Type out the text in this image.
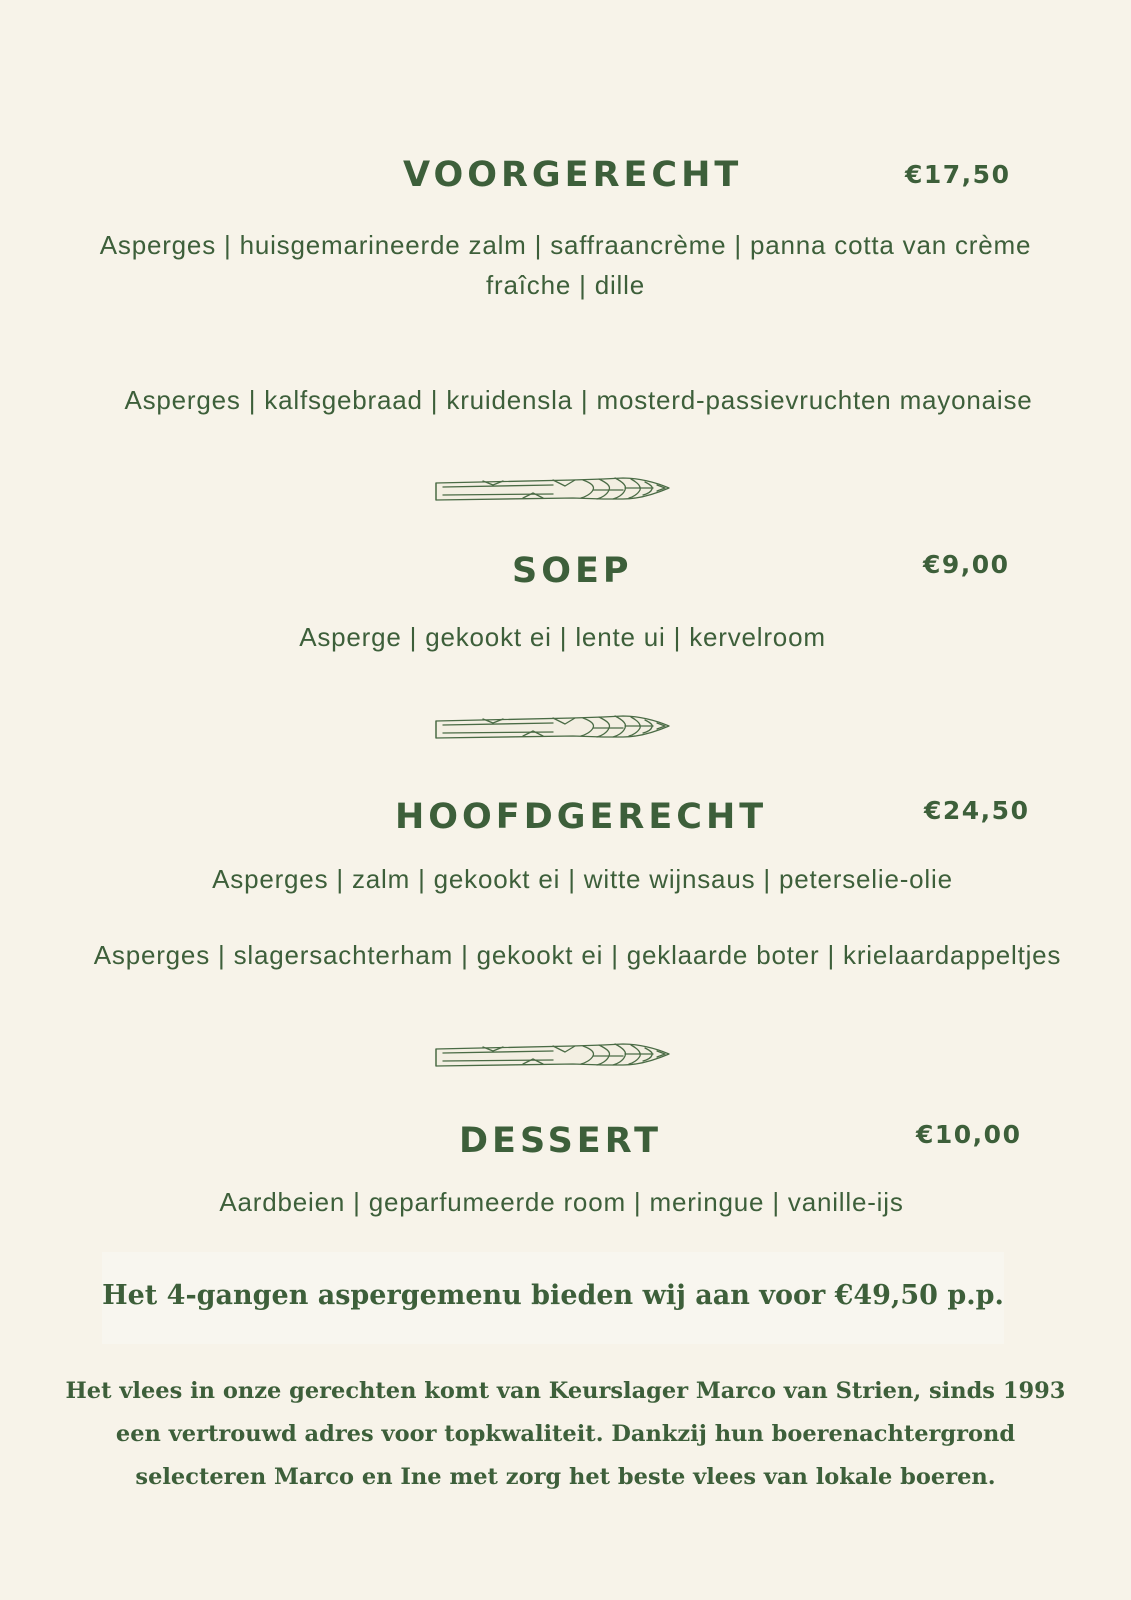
VOORGERECHT	€17,50
Asperges | huisgemarineerde zalm | saffraancrème | panna cotta van crème
fraîche | dille
Asperges | kalfsgebraad | kruidensla | mosterd-passievruchten mayonaise
SOEP	€9,00
Asperge | gekookt ei | lente ui | kervelroom
HOOFDGERECHT	€24,50
Asperges | zalm | gekookt ei | witte wijnsaus | peterselie-olie
Asperges | slagersachterham | gekookt ei | geklaarde boter | krielaardappeltjes
DESSERT	€10,00
Aardbeien | geparfumeerde room | meringue | vanille-ijs
Het 4-gangen aspergemenu bieden wij aan voor €49,50 p.p.
Het vlees in onze gerechten komt van Keurslager Marco van Strien, sinds 1993
een vertrouwd adres voor topkwaliteit. Dankzij hun boerenachtergrond
selecteren Marco en Ine met zorg het beste vlees van lokale boeren.
